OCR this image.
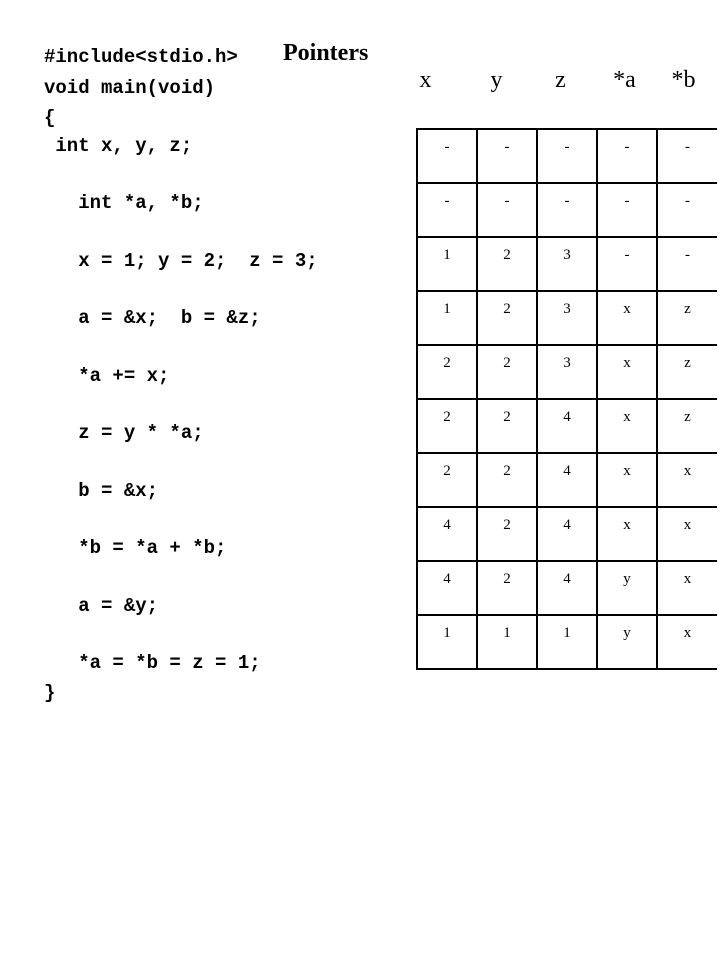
#include<stdio.h>
void main(void)
{
int x, y, z;
int *a, *b;
x = 1; y = 2;  z = 3;
a = &x;  b = &z;
*a += x;
z = y * *a;
b = &x;
*b = *a + *b;
a = &y;
*a = *b = z = 1;
}
Pointers
x	y	z	*a	*b
-	-	-	-	-
-	-	-	-	-
1	2	3	-	-
1	2	3	x	z
2	2	3	x	z
2	2	4	x	z
2	2	4	x	x
4	2	4	x	x
4	2	4	y	x
1	1	1	y	x
